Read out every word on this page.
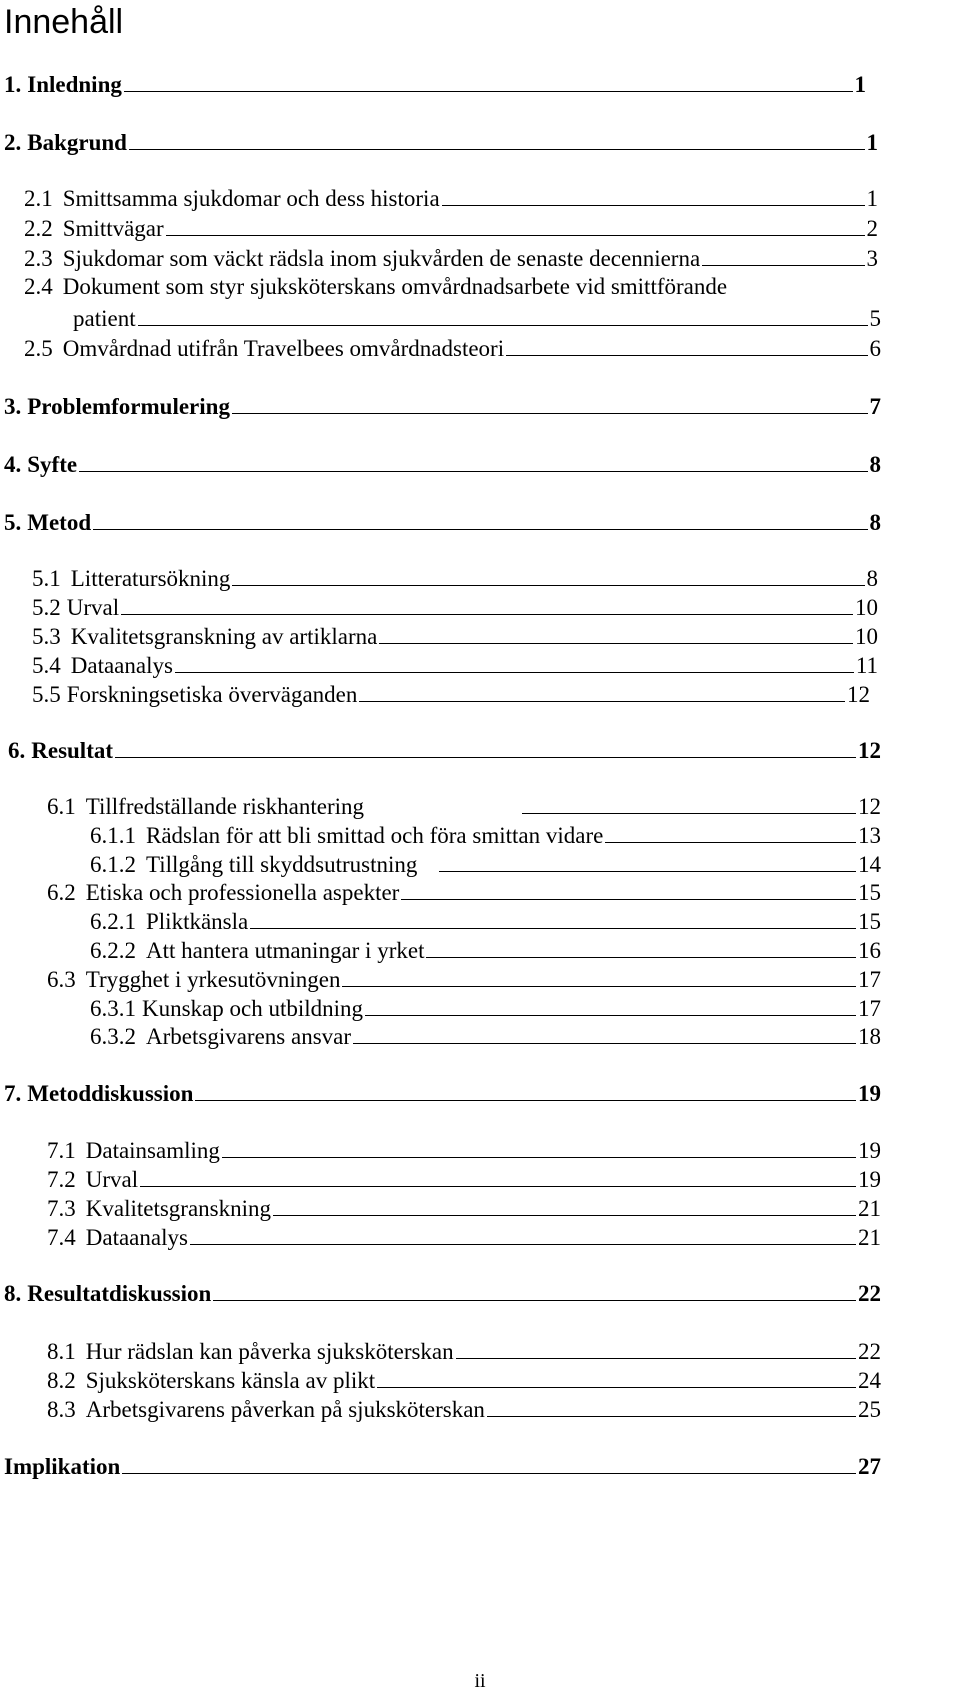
Innehåll
1. Inledning	1
2. Bakgrund	1
2.1 Smittsamma sjukdomar och dess historia	1
2.2 Smittvägar	2
2.3 Sjukdomar som väckt rädsla inom sjukvården de senaste decennierna	3
2.4 Dokument som styr sjuksköterskans omvårdnadsarbete vid smittförande
patient	5
2.5 Omvårdnad utifrån Travelbees omvårdnadsteori	6
3. Problemformulering	7
4. Syfte	8
5. Metod	8
5.1 Litteratursökning	8
5.2 Urval	10
5.3 Kvalitetsgranskning av artiklarna	10
5.4 Dataanalys	11
5.5 Forskningsetiska överväganden	12
6. Resultat	12
6.1 Tillfredställande riskhantering	12
6.1.1 Rädslan för att bli smittad och föra smittan vidare	13
6.1.2 Tillgång till skyddsutrustning	14
6.2 Etiska och professionella aspekter	15
6.2.1 Pliktkänsla	15
6.2.2 Att hantera utmaningar i yrket	16
6.3 Trygghet i yrkesutövningen	17
6.3.1 Kunskap och utbildning	17
6.3.2 Arbetsgivarens ansvar	18
7. Metoddiskussion	19
7.1 Datainsamling	19
7.2 Urval	19
7.3 Kvalitetsgranskning	21
7.4 Dataanalys	21
8. Resultatdiskussion	22
8.1 Hur rädslan kan påverka sjuksköterskan	22
8.2 Sjuksköterskans känsla av plikt	24
8.3 Arbetsgivarens påverkan på sjuksköterskan	25
Implikation	27
ii
